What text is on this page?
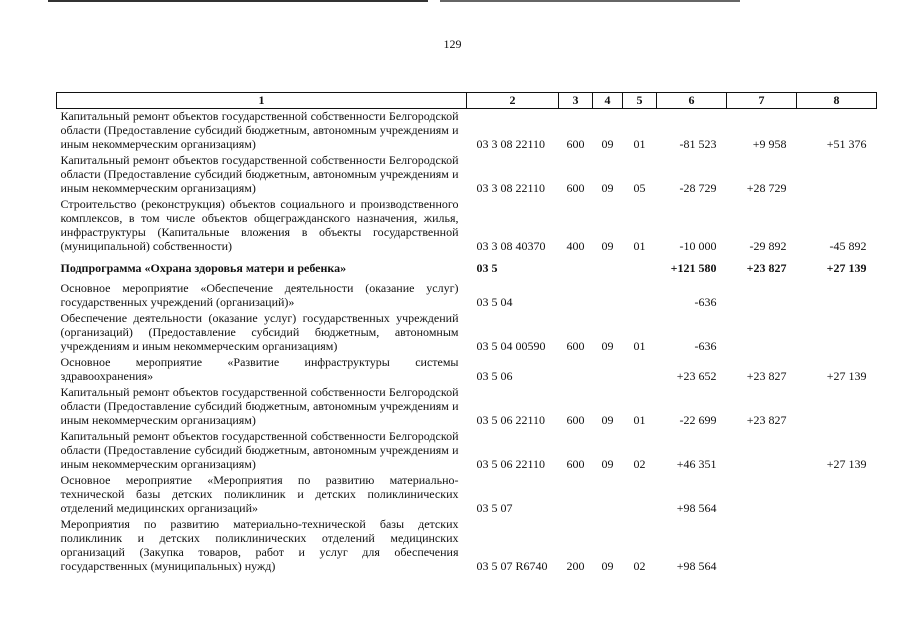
129
1	2	3	4	5	6	7	8
Капитальный ремонт объектов государственной собственности Белгородской области (Предоставление субсидий бюджетным, автономным учреждениям и иным некоммерческим организациям)	03 3 08 22110	600	09	01	-81 523	+9 958	+51 376
Капитальный ремонт объектов государственной собственности Белгородской области (Предоставление субсидий бюджетным, автономным учреждениям и иным некоммерческим организациям)	03 3 08 22110	600	09	05	-28 729	+28 729	
Строительство (реконструкция) объектов социального и производственного комплексов, в том числе объектов общегражданского назначения, жилья, инфраструктуры (Капитальные вложения в объекты государственной (муниципальной) собственности)	03 3 08 40370	400	09	01	-10 000	-29 892	-45 892
Подпрограмма «Охрана здоровья матери и ребенка»	03 5				+121 580	+23 827	+27 139
Основное мероприятие «Обеспечение деятельности (оказание услуг) государственных учреждений (организаций)»	03 5 04				-636		
Обеспечение деятельности (оказание услуг) государственных учреждений (организаций) (Предоставление субсидий бюджетным, автономным учреждениям и иным некоммерческим организациям)	03 5 04 00590	600	09	01	-636		
Основное мероприятие «Развитие инфраструктуры системы здравоохранения»	03 5 06				+23 652	+23 827	+27 139
Капитальный ремонт объектов государственной собственности Белгородской области (Предоставление субсидий бюджетным, автономным учреждениям и иным некоммерческим организациям)	03 5 06 22110	600	09	01	-22 699	+23 827	
Капитальный ремонт объектов государственной собственности Белгородской области (Предоставление субсидий бюджетным, автономным учреждениям и иным некоммерческим организациям)	03 5 06 22110	600	09	02	+46 351		+27 139
Основное мероприятие «Мероприятия по развитию материально-технической базы детских поликлиник и детских поликлинических отделений медицинских организаций»	03 5 07				+98 564		
Мероприятия по развитию материально-технической базы детских поликлиник и детских поликлинических отделений медицинских организаций (Закупка товаров, работ и услуг для обеспечения государственных (муниципальных) нужд)	03 5 07 R6740	200	09	02	+98 564		
